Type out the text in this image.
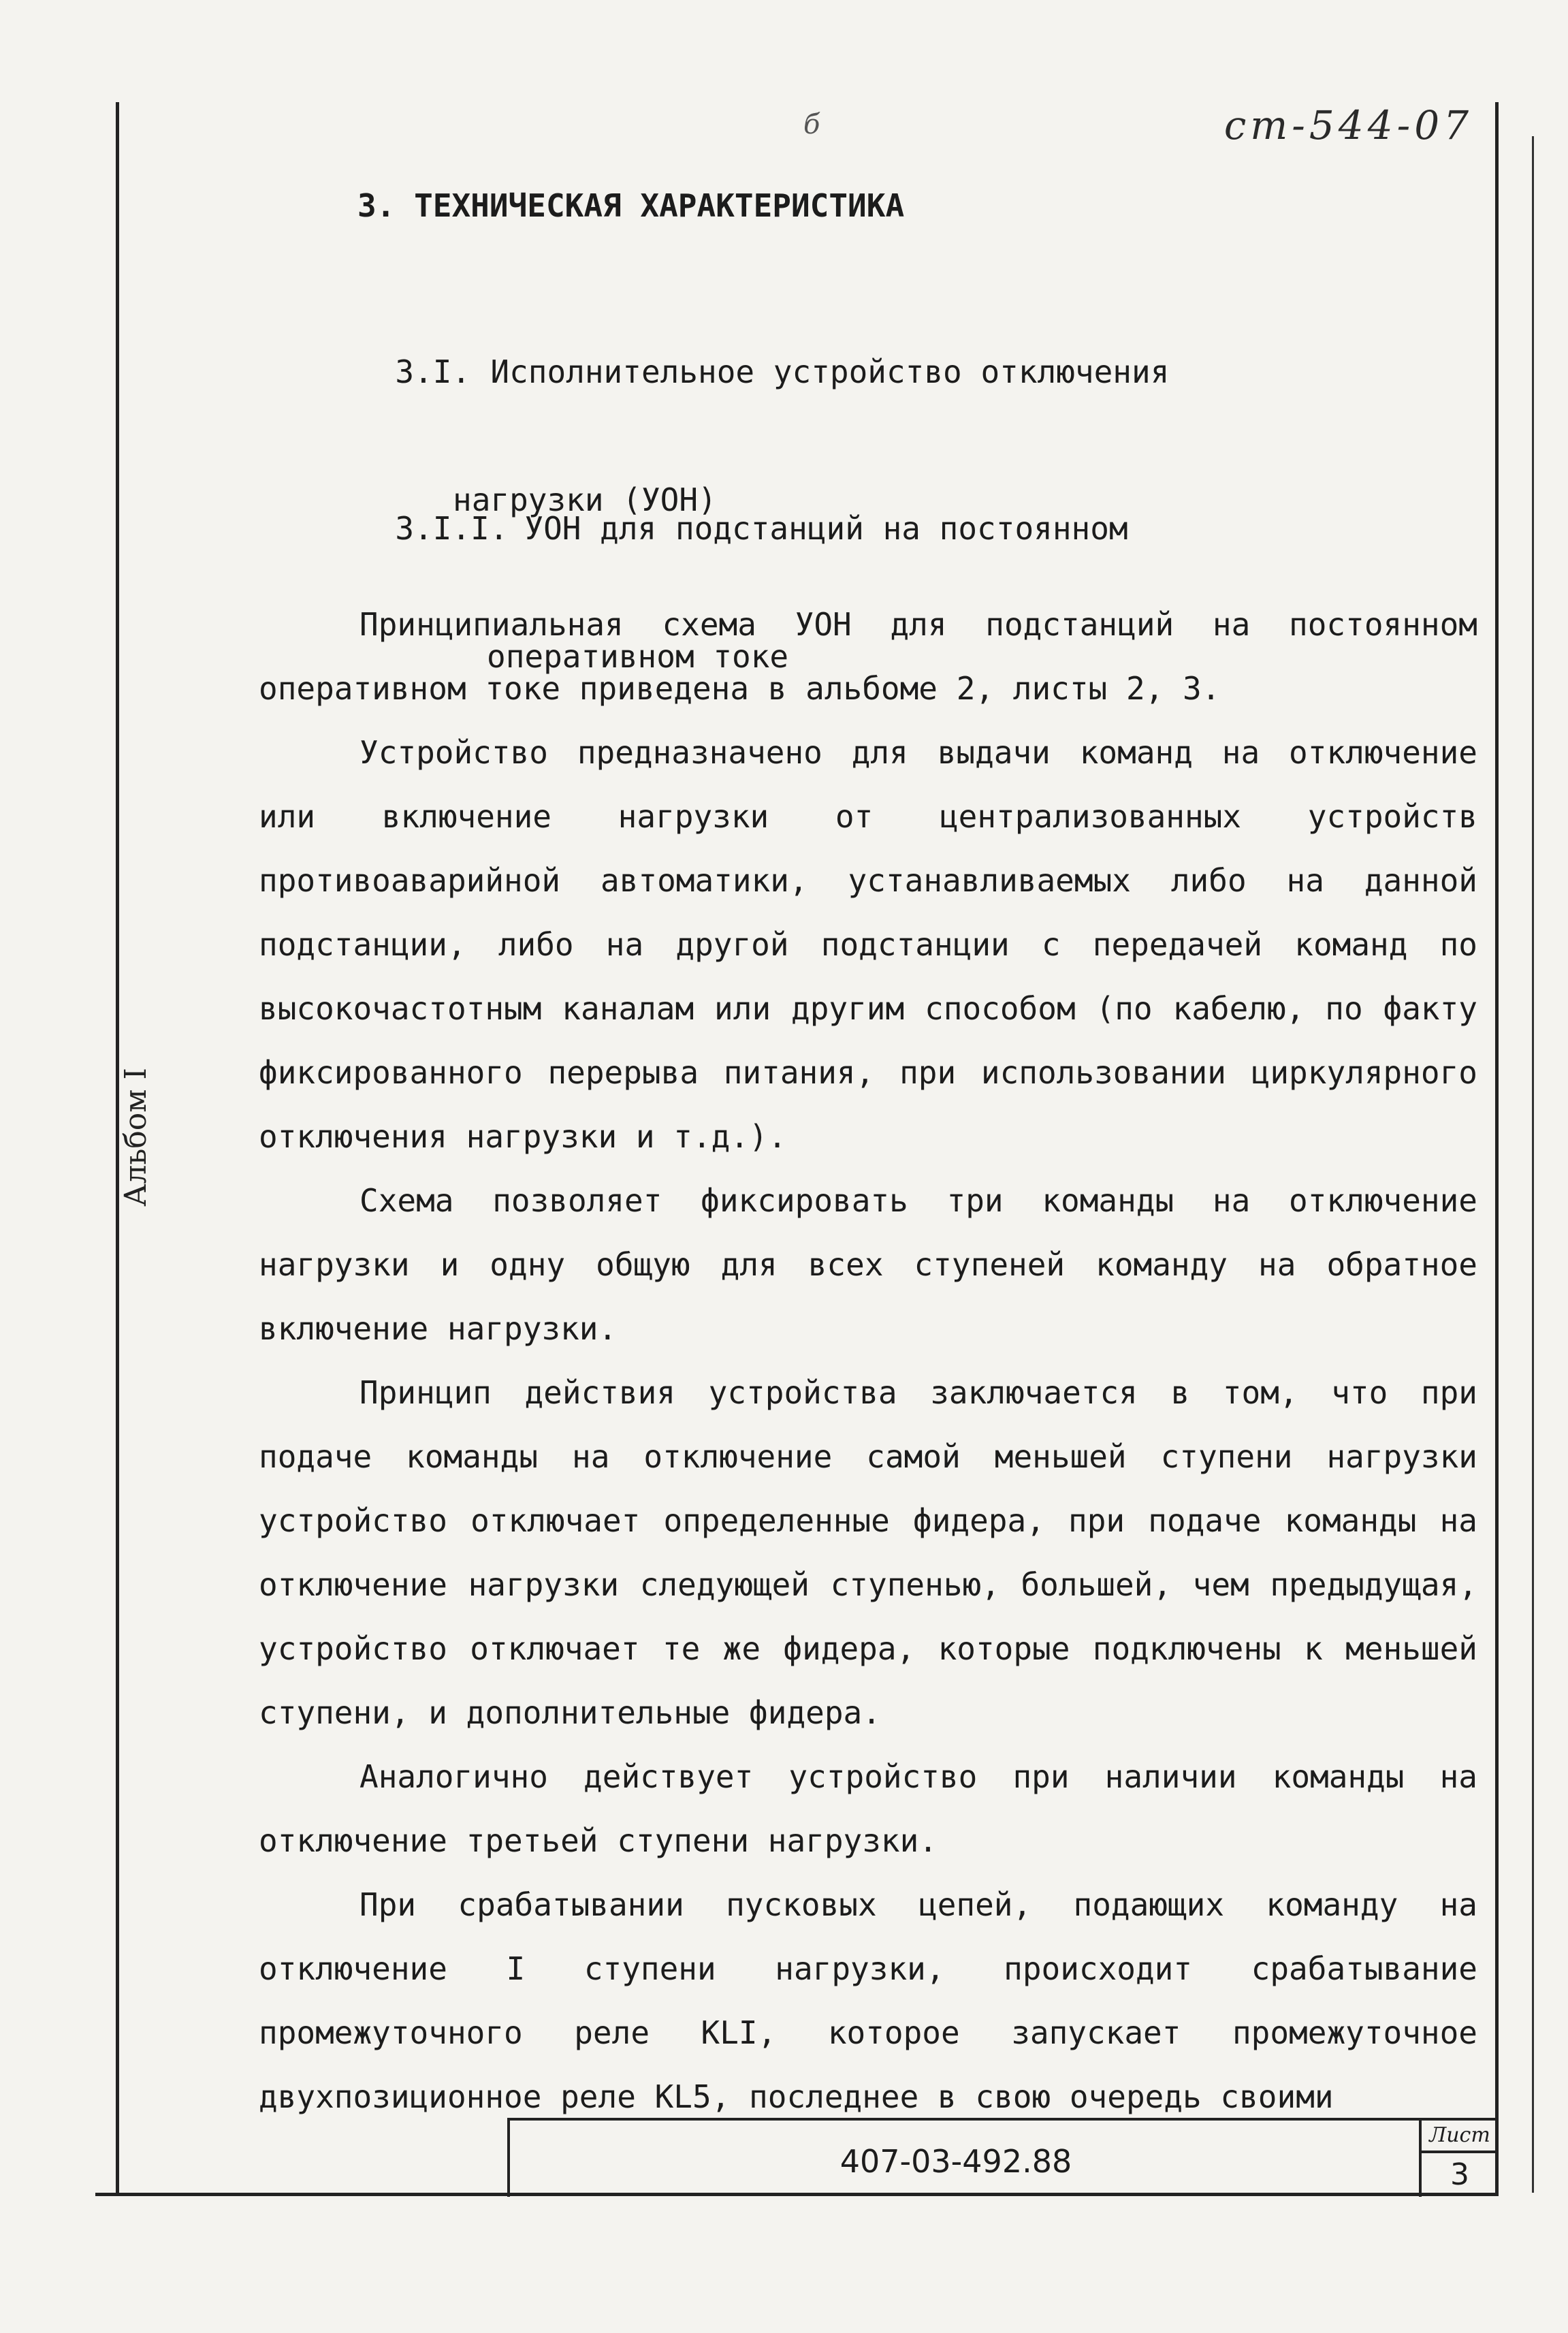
ст-544-07
б
Альбом I
3. ТЕХНИЧЕСКАЯ ХАРАКТЕРИСТИКА

3.I. Исполнительное устройство отключения

нагрузки (УОН)

3.I.I. УОН для подстанций на постоянном

оперативном токе

Принципиальная схема УОН для подстанций на постоянном оперативном токе приведена в альбоме 2, листы 2, 3.

Устройство предназначено для выдачи команд на отключение или включение нагрузки от централизованных устройств противоаварийной автоматики, устанавливаемых либо на данной подстанции, либо на другой подстанции с передачей команд по высокочастотным каналам или другим способом (по кабелю, по факту фиксированного перерыва питания, при использовании циркулярного отключения нагрузки и т.д.).

Схема позволяет фиксировать три команды на отключение нагрузки и одну общую для всех ступеней команду на обратное включение нагрузки.

Принцип действия устройства заключается в том, что при подаче команды на отключение самой меньшей ступени нагрузки устройство отключает определенные фидера, при подаче команды на отключение нагрузки следующей ступенью, большей, чем предыдущая, устройство отключает те же фидера, которые подключены к меньшей ступени, и дополнительные фидера.

Аналогично действует устройство при наличии команды на отключение третьей ступени нагрузки.

При срабатывании пусковых цепей, подающих команду на отключение I ступени нагрузки, происходит срабатывание промежуточного реле KLI, которое запускает промежуточное двухпозиционное реле KL5, последнее в свою очередь своими

407-03-492.88
Лист
3
